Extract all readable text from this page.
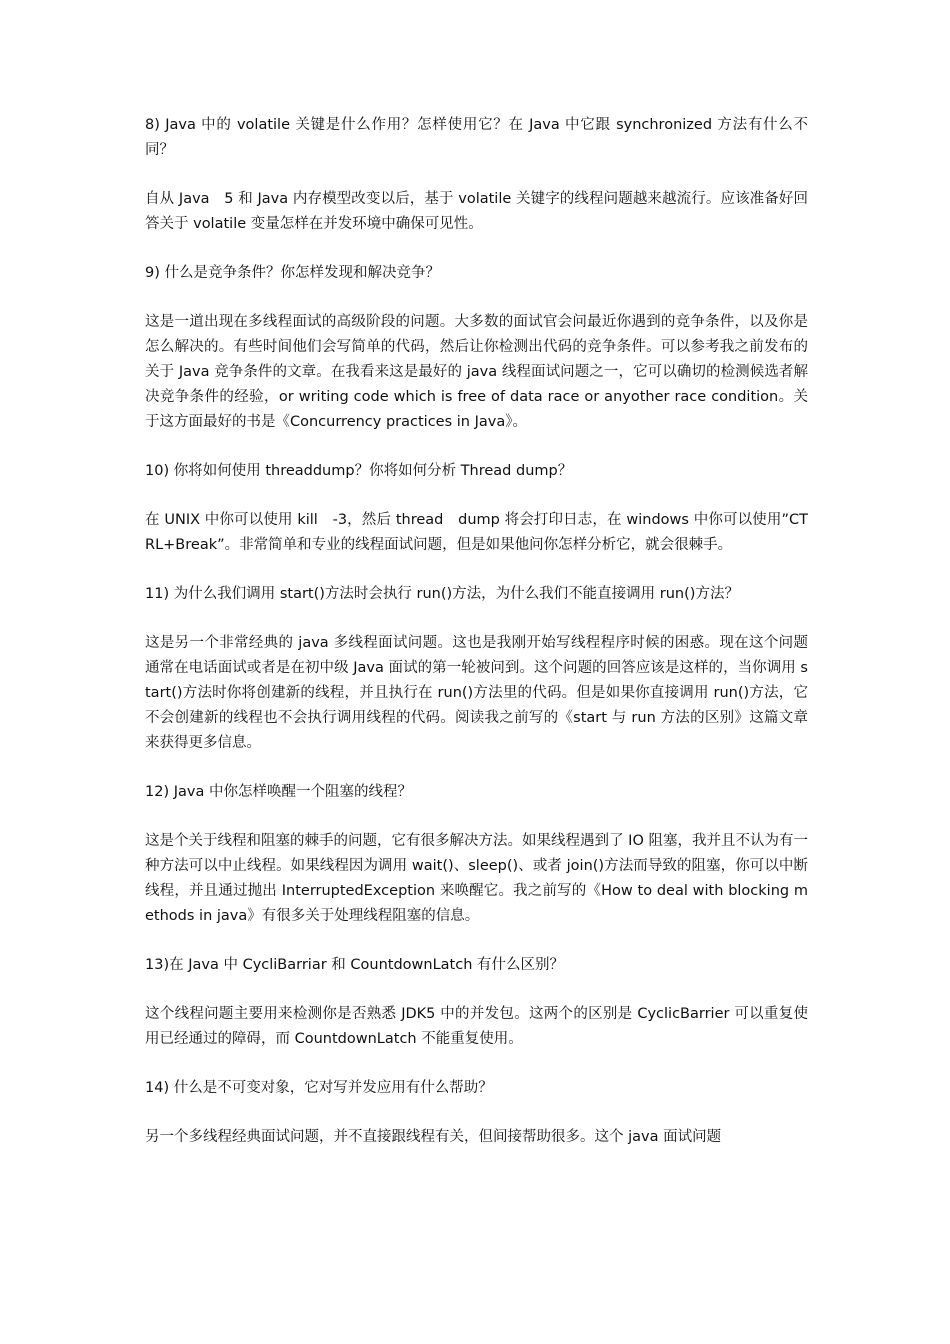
8) Java 中的 volatile 关键是什么作用？怎样使用它？在 Java 中它跟 synchronized 方法有什么不同？

自从 Java　5 和 Java 内存模型改变以后，基于 volatile 关键字的线程问题越来越流行。应该准备好回答关于 volatile 变量怎样在并发环境中确保可见性。

9) 什么是竞争条件？你怎样发现和解决竞争？

这是一道出现在多线程面试的高级阶段的问题。大多数的面试官会问最近你遇到的竞争条件，以及你是怎么解决的。有些时间他们会写简单的代码，然后让你检测出代码的竞争条件。可以参考我之前发布的关于 Java 竞争条件的文章。在我看来这是最好的 java 线程面试问题之一，它可以确切的检测候选者解决竞争条件的经验，or writing code which is free of data race or anyother race condition。关于这方面最好的书是《Concurrency practices in Java》。

10) 你将如何使用 threaddump？你将如何分析 Thread dump？

在 UNIX 中你可以使用 kill　-3，然后 thread　dump 将会打印日志，在 windows 中你可以使用”CTRL+Break”。非常简单和专业的线程面试问题，但是如果他问你怎样分析它，就会很棘手。

11) 为什么我们调用 start()方法时会执行 run()方法，为什么我们不能直接调用 run()方法？

这是另一个非常经典的 java 多线程面试问题。这也是我刚开始写线程程序时候的困惑。现在这个问题通常在电话面试或者是在初中级 Java 面试的第一轮被问到。这个问题的回答应该是这样的，当你调用 start()方法时你将创建新的线程，并且执行在 run()方法里的代码。但是如果你直接调用 run()方法，它不会创建新的线程也不会执行调用线程的代码。阅读我之前写的《start 与 run 方法的区别》这篇文章来获得更多信息。

12) Java 中你怎样唤醒一个阻塞的线程？

这是个关于线程和阻塞的棘手的问题，它有很多解决方法。如果线程遇到了 IO 阻塞，我并且不认为有一种方法可以中止线程。如果线程因为调用 wait()、sleep()、或者 join()方法而导致的阻塞，你可以中断线程，并且通过抛出 InterruptedException 来唤醒它。我之前写的《How to deal with blocking methods in java》有很多关于处理线程阻塞的信息。

13)在 Java 中 CycliBarriar 和 CountdownLatch 有什么区别？

这个线程问题主要用来检测你是否熟悉 JDK5 中的并发包。这两个的区别是 CyclicBarrier 可以重复使用已经通过的障碍，而 CountdownLatch 不能重复使用。

14) 什么是不可变对象，它对写并发应用有什么帮助？

另一个多线程经典面试问题，并不直接跟线程有关，但间接帮助很多。这个 java 面试问题
